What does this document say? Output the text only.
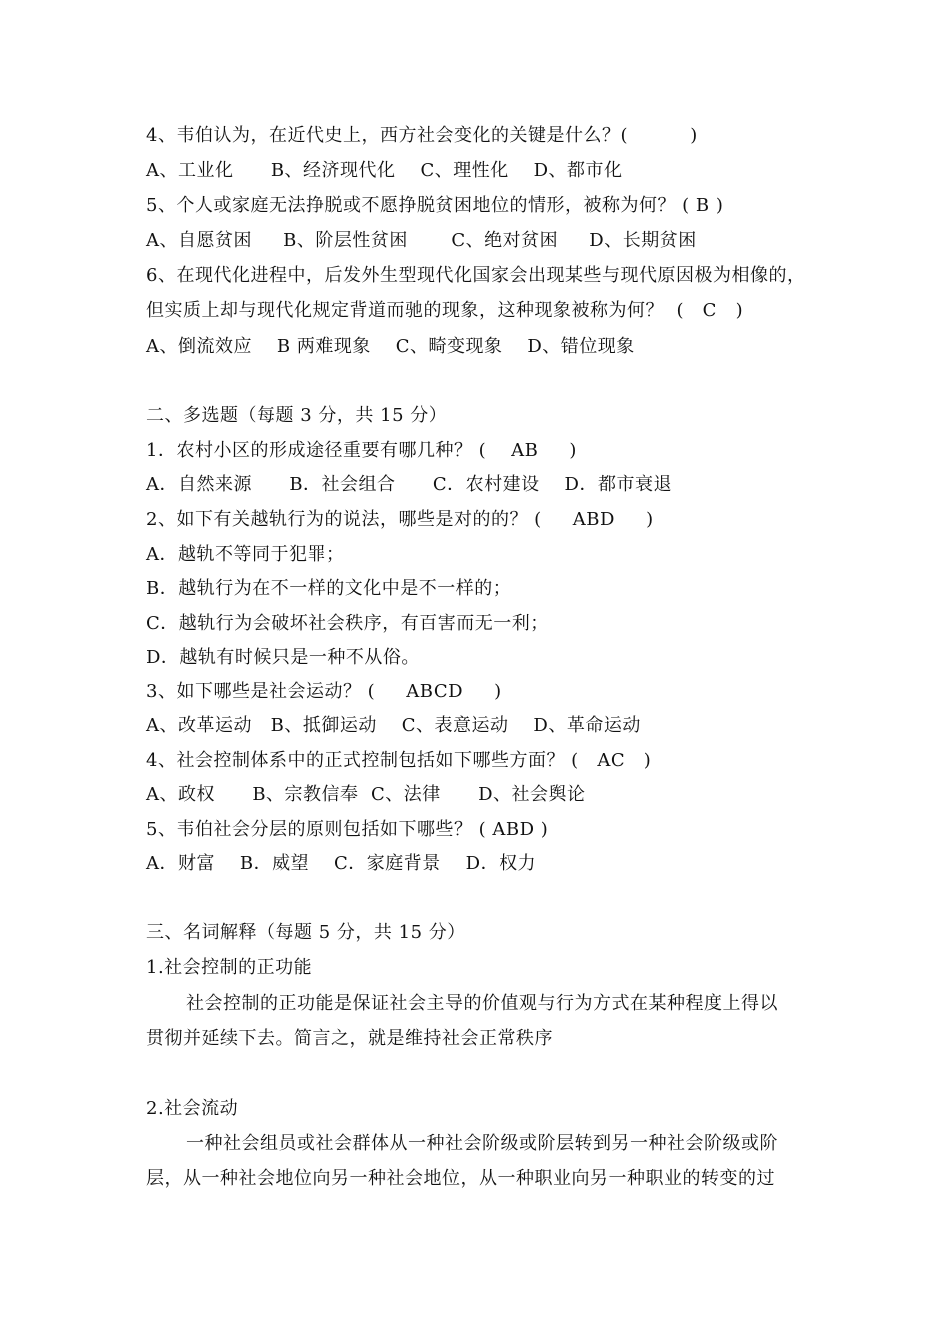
4、韦伯认为，在近代史上，西方社会变化的关键是什么？(          )
A、工业化      B、经济现代化    C、理性化    D、都市化
5、个人或家庭无法挣脱或不愿挣脱贫困地位的情形，被称为何？ ( B )
A、自愿贫困     B、阶层性贫困       C、绝对贫困     D、长期贫困
6、在现代化进程中，后发外生型现代化国家会出现某些与现代原因极为相像的，
但实质上却与现代化规定背道而驰的现象，这种现象被称为何？  (   C   )
A、倒流效应    B 两难现象    C、畸变现象    D、错位现象
二、多选题（每题 3 分，共 15 分）
1．农村小区的形成途径重要有哪几种？ (    AB     )
A．自然来源      B．社会组合      C．农村建设    D．都市衰退
2、如下有关越轨行为的说法，哪些是对的的？ (     ABD     )
A．越轨不等同于犯罪；
B．越轨行为在不一样的文化中是不一样的；
C．越轨行为会破坏社会秩序，有百害而无一利；
D．越轨有时候只是一种不从俗。
3、如下哪些是社会运动？ (     ABCD     )
A、改革运动   B、抵御运动    C、表意运动    D、革命运动
4、社会控制体系中的正式控制包括如下哪些方面？ (   AC   )
A、政权      B、宗教信奉  C、法律      D、社会舆论
5、韦伯社会分层的原则包括如下哪些？ ( ABD )
A．财富    B．威望    C．家庭背景    D．权力
三、名词解释（每题 5 分，共 15 分）
1.社会控制的正功能
社会控制的正功能是保证社会主导的价值观与行为方式在某种程度上得以
贯彻并延续下去。简言之，就是维持社会正常秩序
2.社会流动
一种社会组员或社会群体从一种社会阶级或阶层转到另一种社会阶级或阶
层，从一种社会地位向另一种社会地位，从一种职业向另一种职业的转变的过
